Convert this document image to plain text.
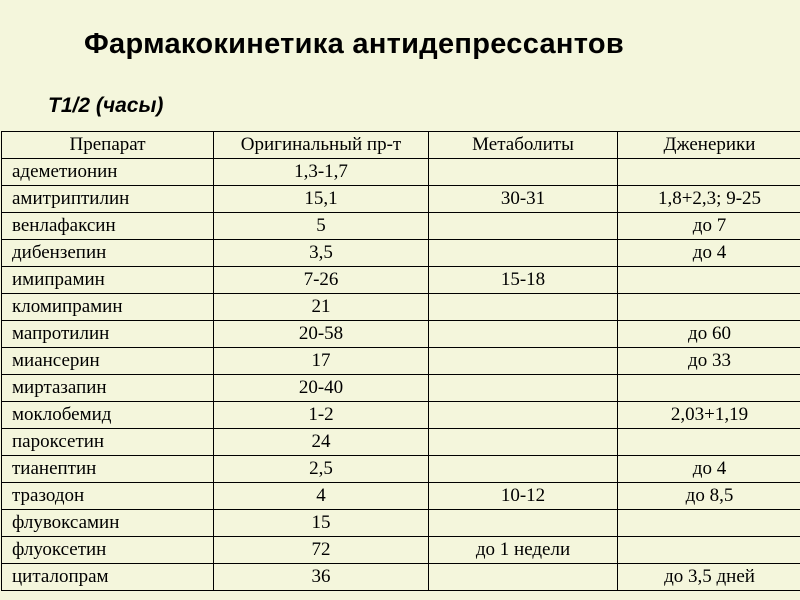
Фармакокинетика антидепрессантов
Т1/2 (часы)
Препарат	Оригинальный пр-т	Метаболиты	Дженерики
адеметионин	1,3-1,7		
амитриптилин	15,1	30-31	1,8+2,3; 9-25
венлафаксин	5		до 7
дибензепин	3,5		до 4
имипрамин	7-26	15-18	
кломипрамин	21		
мапротилин	20-58		до 60
миансерин	17		до 33
миртазапин	20-40		
моклобемид	1-2		2,03+1,19
пароксетин	24		
тианептин	2,5		до 4
тразодон	4	10-12	до 8,5
флувоксамин	15		
флуоксетин	72	до 1 недели	
циталопрам	36		до 3,5 дней
